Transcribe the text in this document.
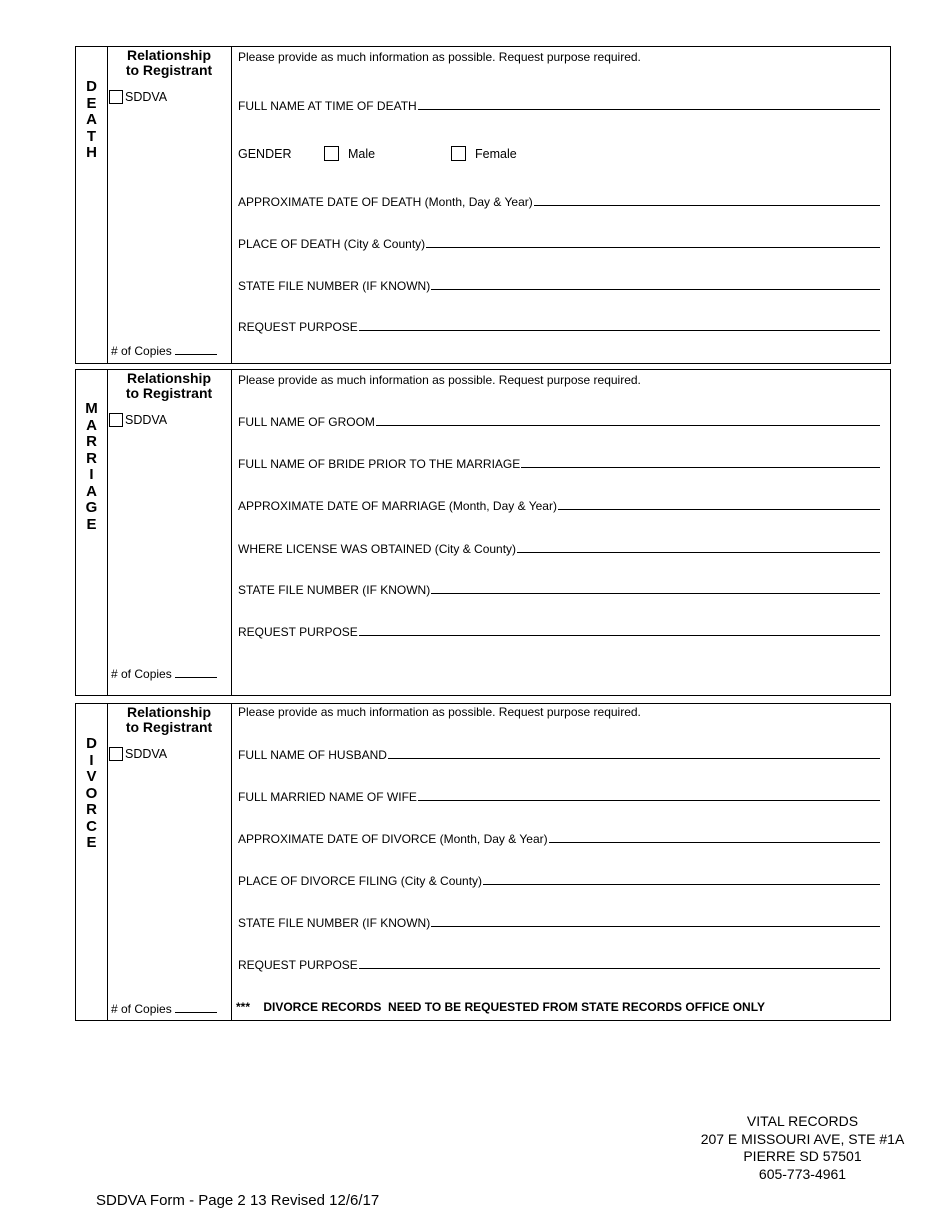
D
E
A
T
H
Relationship
to Registrant
SDDVA
# of Copies
Please provide as much information as possible. Request purpose required.
FULL NAME AT TIME OF DEATH
GENDER	Male	Female
APPROXIMATE DATE OF DEATH (Month, Day & Year)
PLACE OF DEATH (City & County)
STATE FILE NUMBER (IF KNOWN)
REQUEST PURPOSE
M
A
R
R
I
A
G
E
Relationship
to Registrant
SDDVA
# of Copies
Please provide as much information as possible. Request purpose required.
FULL NAME OF GROOM
FULL NAME OF BRIDE PRIOR TO THE MARRIAGE
APPROXIMATE DATE OF MARRIAGE (Month, Day & Year)
WHERE LICENSE WAS OBTAINED (City & County)
STATE FILE NUMBER (IF KNOWN)
REQUEST PURPOSE
D
I
V
O
R
C
E
Relationship
to Registrant
SDDVA
# of Copies
Please provide as much information as possible. Request purpose required.
FULL NAME OF HUSBAND
FULL MARRIED NAME OF WIFE
APPROXIMATE DATE OF DIVORCE (Month, Day & Year)
PLACE OF DIVORCE FILING (City & County)
STATE FILE NUMBER (IF KNOWN)
REQUEST PURPOSE
***    DIVORCE RECORDS  NEED TO BE REQUESTED FROM STATE RECORDS OFFICE ONLY
VITAL RECORDS
207 E MISSOURI AVE, STE #1A
PIERRE SD 57501
605-773-4961
SDDVA Form - Page 2 13 Revised 12/6/17
